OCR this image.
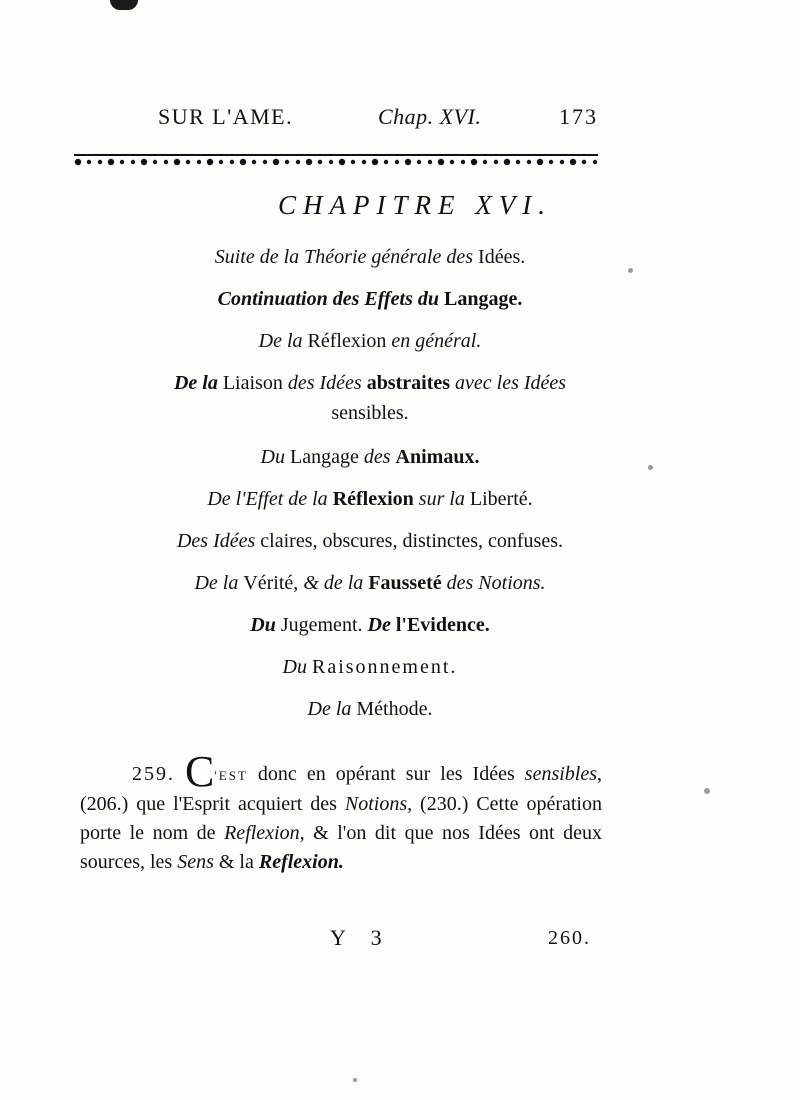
SUR L'AME.	Chap. XVI.	173
CHAPITRE XVI.
Suite de la Théorie générale des Idées.
Continuation des Effets du Langage.
De la Réflexion en général.
De la Liaison des Idées abstraites avec les Idées
sensibles.
Du Langage des Animaux.
De l'Effet de la Réflexion sur la Liberté.
Des Idées claires, obscures, distinctes, confuses.
De la Vérité, & de la Fausseté des Notions.
Du Jugement. De l'Evidence.
Du Raisonnement.
De la Méthode.
259. C'EST donc en opérant sur les Idées sensibles, (206.) que l'Esprit acquiert des Notions, (230.) Cette opération porte le nom de Reflexion, & l'on dit que nos Idées ont deux sources, les Sens & la Reflexion.
Y 3	260.
